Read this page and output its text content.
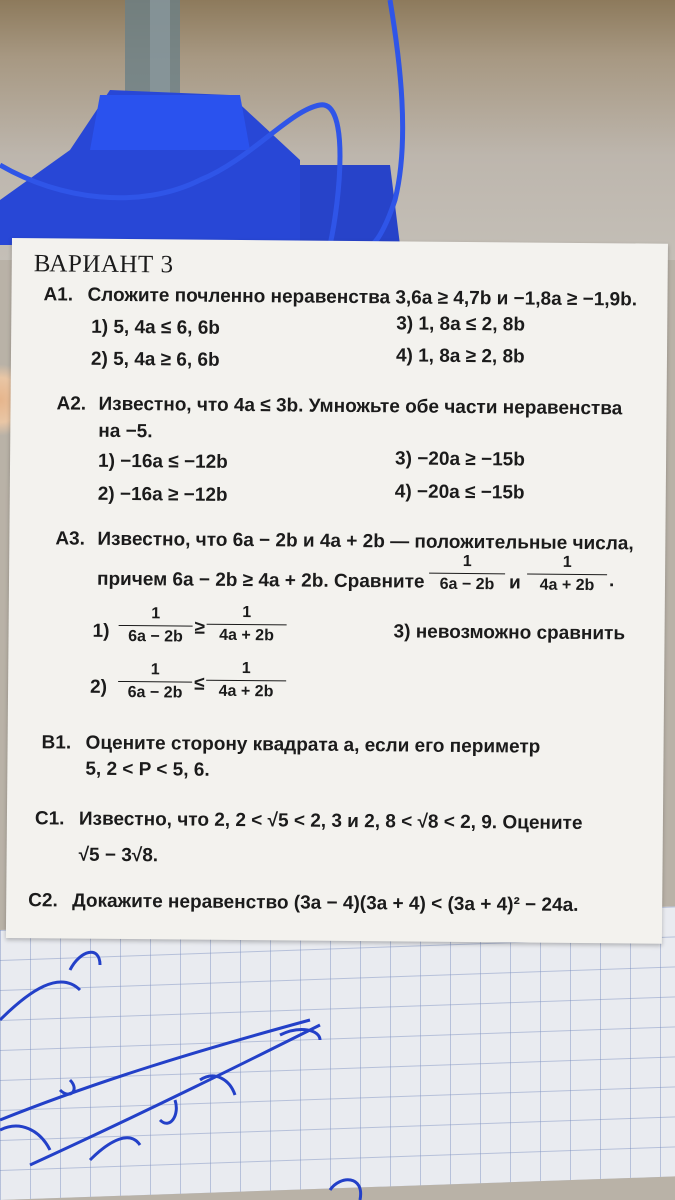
ВАРИАНТ 3
А1. Сложите почленно неравенства 3,6a ≥ 4,7b и −1,8a ≥ −1,9b.
1) 5, 4a ≤ 6, 6b	3) 1, 8a ≤ 2, 8b
2) 5, 4a ≥ 6, 6b	4) 1, 8a ≥ 2, 8b
А2. Известно, что 4a ≤ 3b. Умножьте обе части неравенства
на −5.
1) −16a ≤ −12b	3) −20a ≥ −15b
2) −16a ≥ −12b	4) −20a ≤ −15b
А3. Известно, что 6a − 2b и 4a + 2b — положительные числа,
причем 6a − 2b ≥ 4a + 2b. Сравните $\frac{1}{6a - 2b}$ и $\frac{1}{4a + 2b}$ .
$1) \frac{1}{6a - 2b} \ge \frac{1}{4a + 2b}$	3) невозможно сравнить
$2) \frac{1}{6a - 2b} \le \frac{1}{4a + 2b}$
В1. Оцените сторону квадрата a, если его периметр
5, 2 < P < 5, 6.
С1. Известно, что 2, 2 < √5 < 2, 3 и 2, 8 < √8 < 2, 9. Оцените
√5 − 3√8.
С2. Докажите неравенство (3a − 4)(3a + 4) < (3a + 4)² − 24a.
